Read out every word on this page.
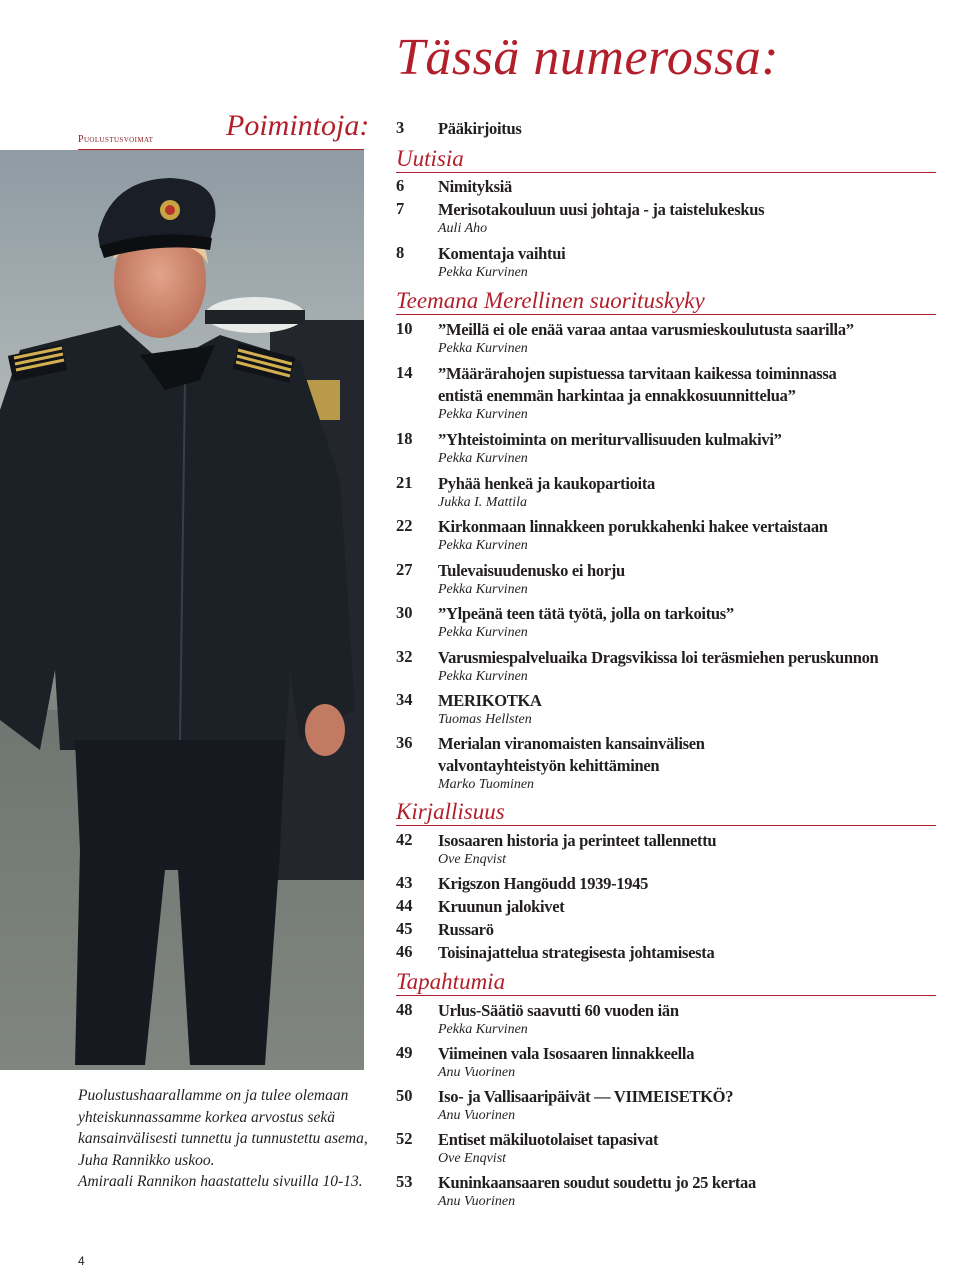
Tässä numerossa:
Puolustusvoimat Poimintoja:
Puolustushaarallamme on ja tulee olemaan
yhteiskunnassamme korkea arvostus sekä
kansainvälisesti tunnettu ja tunnustettu asema,
Juha Rannikko uskoo.
Amiraali Rannikon haastattelu sivuilla 10-13.
3	Pääkirjoitus
Uutisia
6	Nimityksiä
7	Merisotakouluun uusi johtaja - ja taistelukeskus
Auli Aho
8	Komentaja vaihtui
Pekka Kurvinen
Teemana Merellinen suorituskyky
10	”Meillä ei ole enää varaa antaa varusmieskoulutusta saarilla”
Pekka Kurvinen
14	”Määrärahojen supistuessa tarvitaan kaikessa toiminnassa
entistä enemmän harkintaa ja ennakkosuunnittelua”
Pekka Kurvinen
18	”Yhteistoiminta on meriturvallisuuden kulmakivi”
Pekka Kurvinen
21	Pyhää henkeä ja kaukopartioita
Jukka I. Mattila
22	Kirkonmaan linnakkeen porukkahenki hakee vertaistaan
Pekka Kurvinen
27	Tulevaisuudenusko ei horju
Pekka Kurvinen
30	”Ylpeänä teen tätä työtä, jolla on tarkoitus”
Pekka Kurvinen
32	Varusmiespalveluaika Dragsvikissa loi teräsmiehen peruskunnon
Pekka Kurvinen
34	MERIKOTKA
Tuomas Hellsten
36	Merialan viranomaisten kansainvälisen
valvontayhteistyön kehittäminen
Marko Tuominen
Kirjallisuus
42	Isosaaren historia ja perinteet tallennettu
Ove Enqvist
43	Krigszon Hangöudd 1939-1945
44	Kruunun jalokivet
45	Russarö
46	Toisinajattelua strategisesta johtamisesta
Tapahtumia
48	Urlus-Säätiö saavutti 60 vuoden iän
Pekka Kurvinen
49	Viimeinen vala Isosaaren linnakkeella
Anu Vuorinen
50	Iso- ja Vallisaaripäivät — VIIMEISETKÖ?
Anu Vuorinen
52	Entiset mäkiluotolaiset tapasivat
Ove Enqvist
53	Kuninkaansaaren soudut soudettu jo 25 kertaa
Anu Vuorinen
4
